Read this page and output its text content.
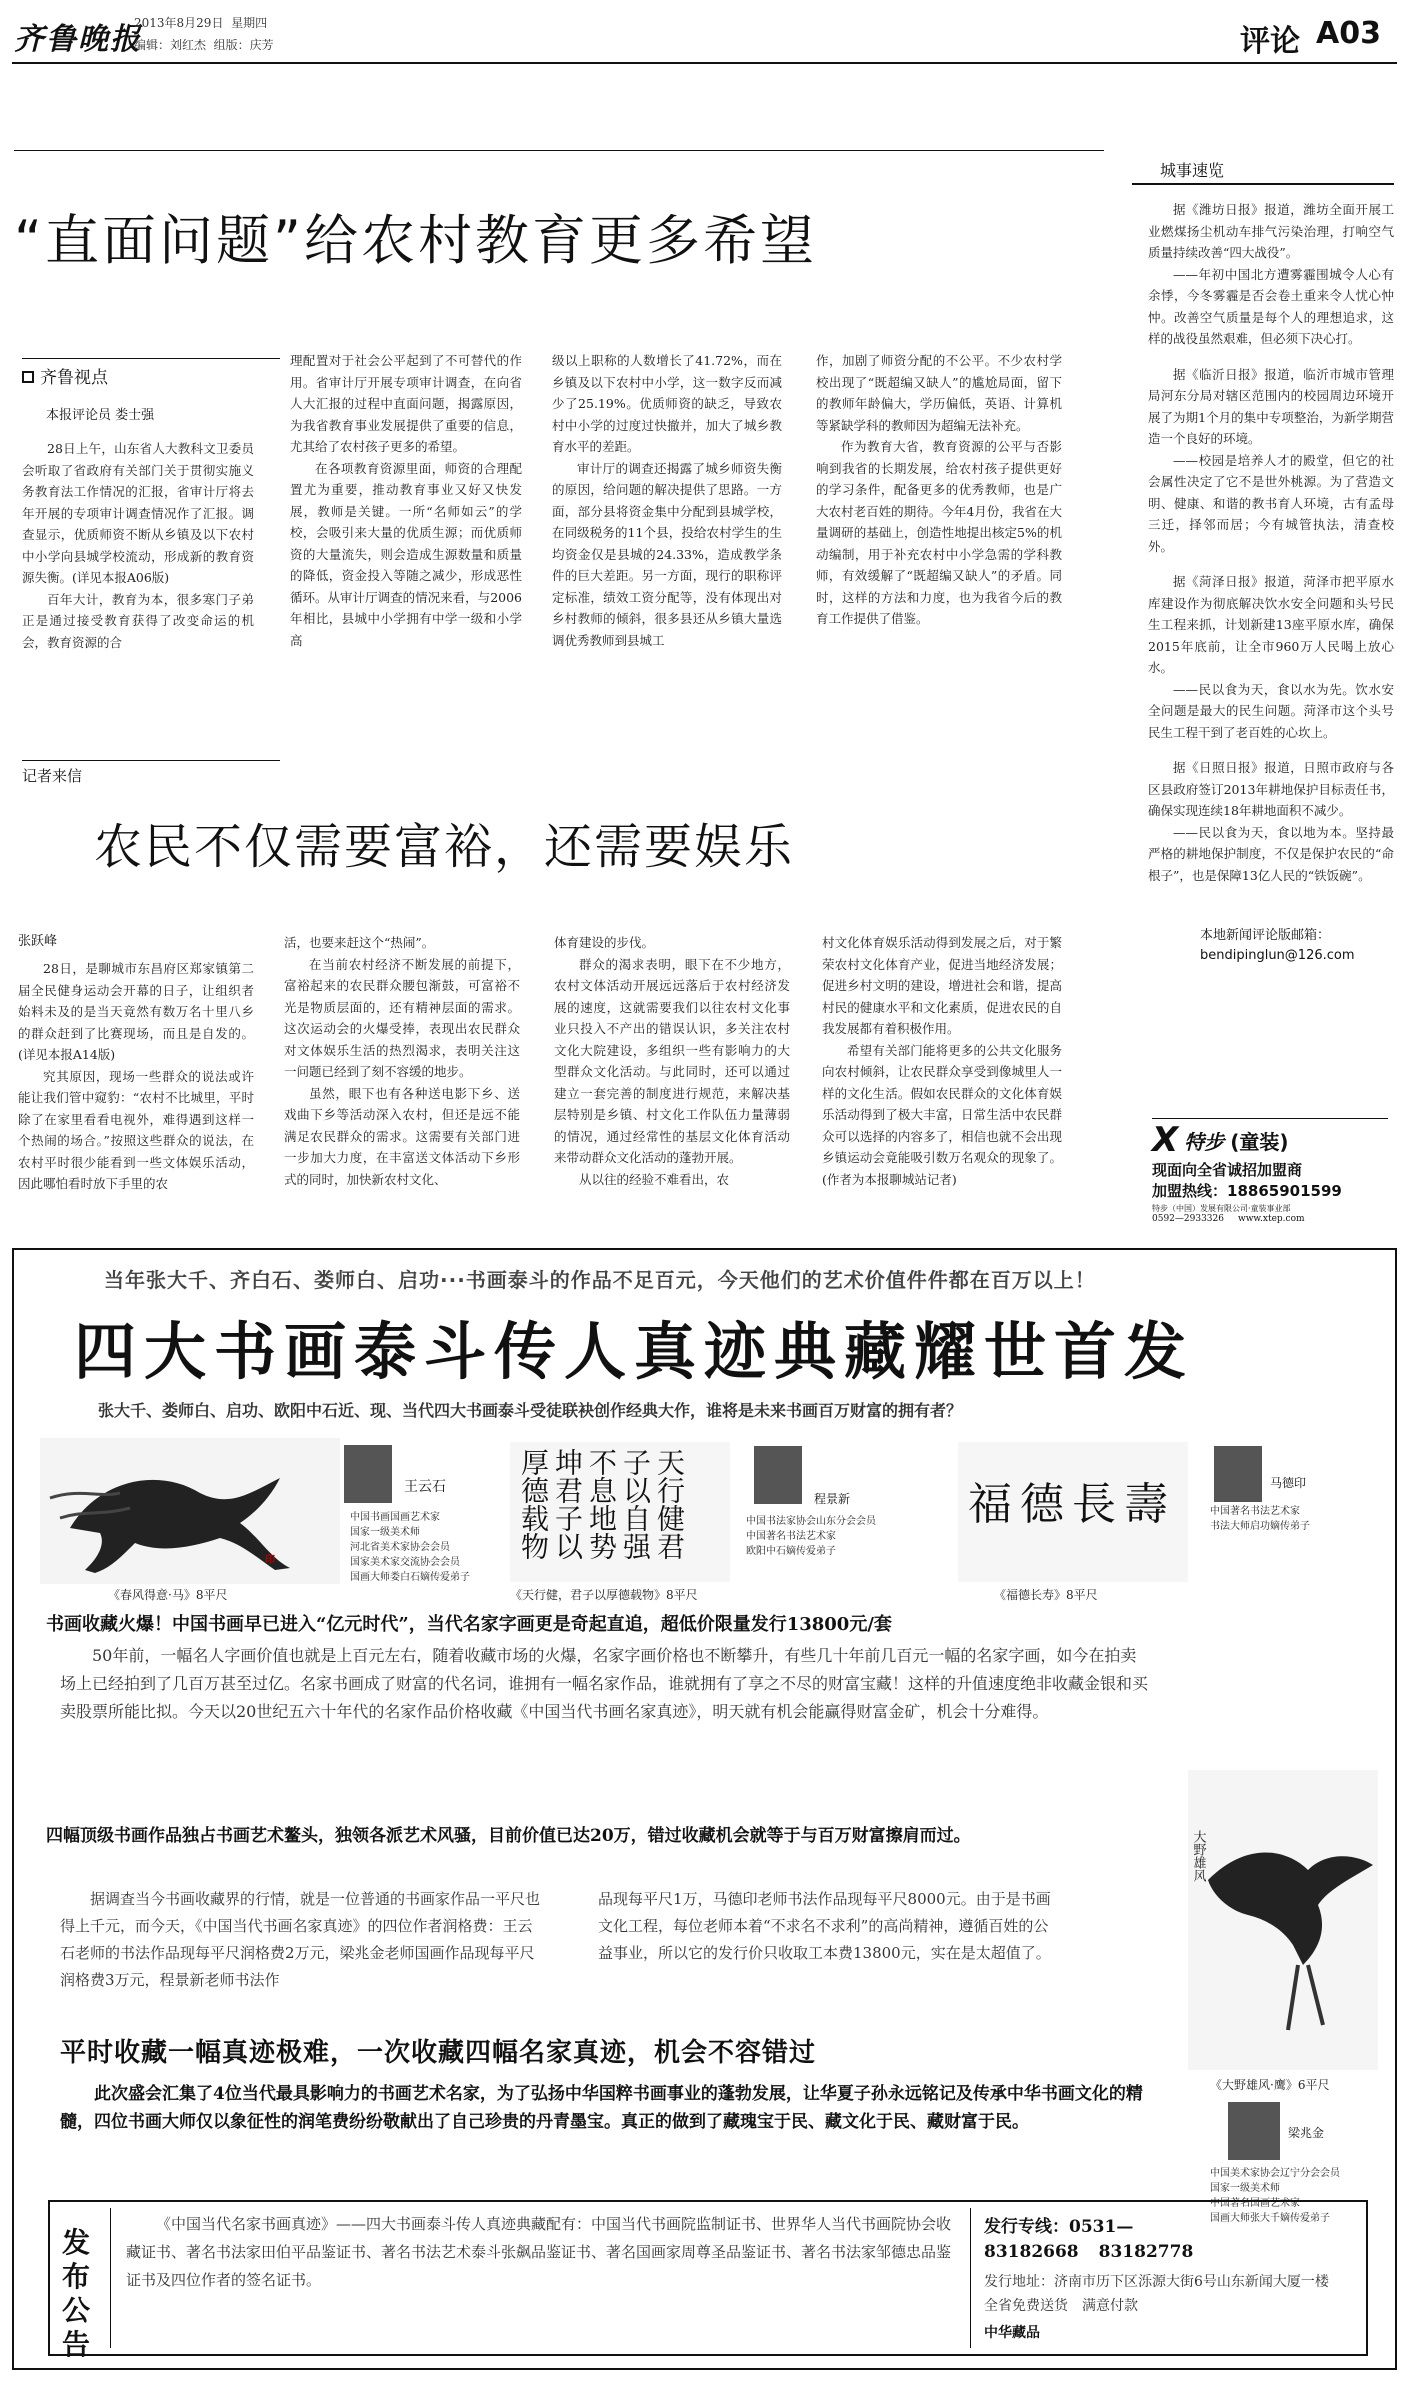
齐鲁晚报
2013年8月29日 星期四
编辑：刘红杰 组版：庆芳	评论 A03
“直面问题”给农村教育更多希望
齐鲁视点
本报评论员 娄士强

28日上午，山东省人大教科文卫委员会听取了省政府有关部门关于贯彻实施义务教育法工作情况的汇报，省审计厅将去年开展的专项审计调查情况作了汇报。调查显示，优质师资不断从乡镇及以下农村中小学向县城学校流动，形成新的教育资源失衡。(详见本报A06版)

百年大计，教育为本，很多寒门子弟正是通过接受教育获得了改变命运的机会，教育资源的合

理配置对于社会公平起到了不可替代的作用。省审计厅开展专项审计调查，在向省人大汇报的过程中直面问题，揭露原因，为我省教育事业发展提供了重要的信息，尤其给了农村孩子更多的希望。

在各项教育资源里面，师资的合理配置尤为重要，推动教育事业又好又快发展，教师是关键。一所“名师如云”的学校，会吸引来大量的优质生源；而优质师资的大量流失，则会造成生源数量和质量的降低，资金投入等随之减少，形成恶性循环。从审计厅调查的情况来看，与2006年相比，县城中小学拥有中学一级和小学高

级以上职称的人数增长了41.72%，而在乡镇及以下农村中小学，这一数字反而减少了25.19%。优质师资的缺乏，导致农村中小学的过度过快撤并，加大了城乡教育水平的差距。

审计厅的调查还揭露了城乡师资失衡的原因，给问题的解决提供了思路。一方面，部分县将资金集中分配到县城学校，在同级税务的11个县，投给农村学生的生均资金仅是县城的24.33%，造成教学条件的巨大差距。另一方面，现行的职称评定标准，绩效工资分配等，没有体现出对乡村教师的倾斜，很多县还从乡镇大量选调优秀教师到县城工

作，加剧了师资分配的不公平。不少农村学校出现了“既超编又缺人”的尴尬局面，留下的教师年龄偏大，学历偏低，英语、计算机等紧缺学科的教师因为超编无法补充。

作为教育大省，教育资源的公平与否影响到我省的长期发展，给农村孩子提供更好的学习条件，配备更多的优秀教师，也是广大农村老百姓的期待。今年4月份，我省在大量调研的基础上，创造性地提出核定5%的机动编制，用于补充农村中小学急需的学科教师，有效缓解了“既超编又缺人”的矛盾。同时，这样的方法和力度，也为我省今后的教育工作提供了借鉴。

记者来信
农民不仅需要富裕，还需要娱乐
张跃峰

28日，是聊城市东昌府区郑家镇第二届全民健身运动会开幕的日子，让组织者始料未及的是当天竟然有数万名十里八乡的群众赶到了比赛现场，而且是自发的。(详见本报A14版)

究其原因，现场一些群众的说法或许能让我们管中窥豹：“农村不比城里，平时除了在家里看看电视外，难得遇到这样一个热闹的场合。”按照这些群众的说法，在农村平时很少能看到一些文体娱乐活动，因此哪怕看时放下手里的农

活，也要来赶这个“热闹”。

在当前农村经济不断发展的前提下，富裕起来的农民群众腰包渐鼓，可富裕不光是物质层面的，还有精神层面的需求。这次运动会的火爆受捧，表现出农民群众对文体娱乐生活的热烈渴求，表明关注这一问题已经到了刻不容缓的地步。

虽然，眼下也有各种送电影下乡、送戏曲下乡等活动深入农村，但还是远不能满足农民群众的需求。这需要有关部门进一步加大力度，在丰富送文体活动下乡形式的同时，加快新农村文化、

体育建设的步伐。

群众的渴求表明，眼下在不少地方，农村文体活动开展远远落后于农村经济发展的速度，这就需要我们以往农村文化事业只投入不产出的错误认识，多关注农村文化大院建设，多组织一些有影响力的大型群众文化活动。与此同时，还可以通过建立一套完善的制度进行规范，来解决基层特别是乡镇、村文化工作队伍力量薄弱的情况，通过经常性的基层文化体育活动来带动群众文化活动的蓬勃开展。

从以往的经验不难看出，农

村文化体育娱乐活动得到发展之后，对于繁荣农村文化体育产业，促进当地经济发展；促进乡村文明的建设，增进社会和谐，提高村民的健康水平和文化素质，促进农民的自我发展都有着积极作用。

希望有关部门能将更多的公共文化服务向农村倾斜，让农民群众享受到像城里人一样的文化生活。假如农民群众的文化体育娱乐活动得到了极大丰富，日常生活中农民群众可以选择的内容多了，相信也就不会出现乡镇运动会竟能吸引数万名观众的现象了。(作者为本报聊城站记者)

城事速览

据《潍坊日报》报道，潍坊全面开展工业燃煤扬尘机动车排气污染治理，打响空气质量持续改善“四大战役”。

——年初中国北方遭雾霾围城令人心有余悸，今冬雾霾是否会卷土重来令人忧心忡忡。改善空气质量是每个人的理想追求，这样的战役虽然艰难，但必须下决心打。

据《临沂日报》报道，临沂市城市管理局河东分局对辖区范围内的校园周边环境开展了为期1个月的集中专项整治，为新学期营造一个良好的环境。

——校园是培养人才的殿堂，但它的社会属性决定了它不是世外桃源。为了营造文明、健康、和谐的教书育人环境，古有孟母三迁，择邻而居；今有城管执法，清查校外。

据《菏泽日报》报道，菏泽市把平原水库建设作为彻底解决饮水安全问题和头号民生工程来抓，计划新建13座平原水库，确保2015年底前，让全市960万人民喝上放心水。

——民以食为天，食以水为先。饮水安全问题是最大的民生问题。菏泽市这个头号民生工程干到了老百姓的心坎上。

据《日照日报》报道，日照市政府与各区县政府签订2013年耕地保护目标责任书，确保实现连续18年耕地面积不减少。

——民以食为天，食以地为本。坚持最严格的耕地保护制度，不仅是保护农民的“命根子”，也是保障13亿人民的“铁饭碗”。

本地新闻评论版邮箱：
bendipinglun@126.com
X 特步 (童装)
现面向全省诚招加盟商
加盟热线：18865901599
特步（中国）发展有限公司·童装事业部
0592—2933326 www.xtep.com
当年张大千、齐白石、娄师白、启功···书画泰斗的作品不足百元，今天他们的艺术价值件件都在百万以上！
四大书画泰斗传人真迹典藏耀世首发
张大千、娄师白、启功、欧阳中石近、现、当代四大书画泰斗受徒联袂创作经典大作，谁将是未来书画百万财富的拥有者？
印
王云石
中国书画国画艺术家
国家一级美术师
河北省美术家协会会员
国家美术家交流协会会员
国画大师娄白石嫡传爱弟子
《春风得意·马》8平尺
天行健君子以自强不息地势坤君子以厚德载物	程景新
中国书法家协会山东分会会员
中国著名书法艺术家
欧阳中石嫡传爱弟子
《天行健，君子以厚德载物》8平尺
福德長壽	马德印
中国著名书法艺术家
书法大师启功嫡传弟子
《福德长寿》8平尺
书画收藏火爆！中国书画早已进入“亿元时代”，当代名家字画更是奇起直追，超低价限量发行13800元/套
50年前，一幅名人字画价值也就是上百元左右，随着收藏市场的火爆，名家字画价格也不断攀升，有些几十年前几百元一幅的名家字画，如今在拍卖场上已经拍到了几百万甚至过亿。名家书画成了财富的代名词，谁拥有一幅名家作品，谁就拥有了享之不尽的财富宝藏！这样的升值速度绝非收藏金银和买卖股票所能比拟。今天以20世纪五六十年代的名家作品价格收藏《中国当代书画名家真迹》，明天就有机会能赢得财富金矿，机会十分难得。
四幅顶级书画作品独占书画艺术鳌头，独领各派艺术风骚，目前价值已达20万，错过收藏机会就等于与百万财富擦肩而过。
据调查当今书画收藏界的行情，就是一位普通的书画家作品一平尺也得上千元，而今天，《中国当代书画名家真迹》的四位作者润格费：王云石老师的书法作品现每平尺润格费2万元，梁兆金老师国画作品现每平尺润格费3万元，程景新老师书法作
品现每平尺1万，马德印老师书法作品现每平尺8000元。由于是书画文化工程，每位老师本着“不求名不求利”的高尚精神，遵循百姓的公益事业，所以它的发行价只收取工本费13800元，实在是太超值了。
大野雄风
《大野雄风·鹰》6平尺
梁兆金
中国美术家协会辽宁分会会员
国家一级美术师
中国著名国画艺术家
国画大师张大千嫡传爱弟子
平时收藏一幅真迹极难，一次收藏四幅名家真迹，机会不容错过
此次盛会汇集了4位当代最具影响力的书画艺术名家，为了弘扬中华国粹书画事业的蓬勃发展，让华夏子孙永远铭记及传承中华书画文化的精髓，四位书画大师仅以象征性的润笔费纷纷敬献出了自己珍贵的丹青墨宝。真正的做到了藏瑰宝于民、藏文化于民、藏财富于民。
发布公告
《中国当代名家书画真迹》——四大书画泰斗传人真迹典藏配有：中国当代书画院监制证书、世界华人当代书画院协会收藏证书、著名书法家田伯平品鉴证书、著名书法艺术泰斗张飙品鉴证书、著名国画家周尊圣品鉴证书、著名书法家邹德忠品鉴证书及四位作者的签名证书。
发行专线：0531—
83182668 83182778
发行地址：济南市历下区泺源大街6号山东新闻大厦一楼　全省免费送货　满意付款
中华藏品
